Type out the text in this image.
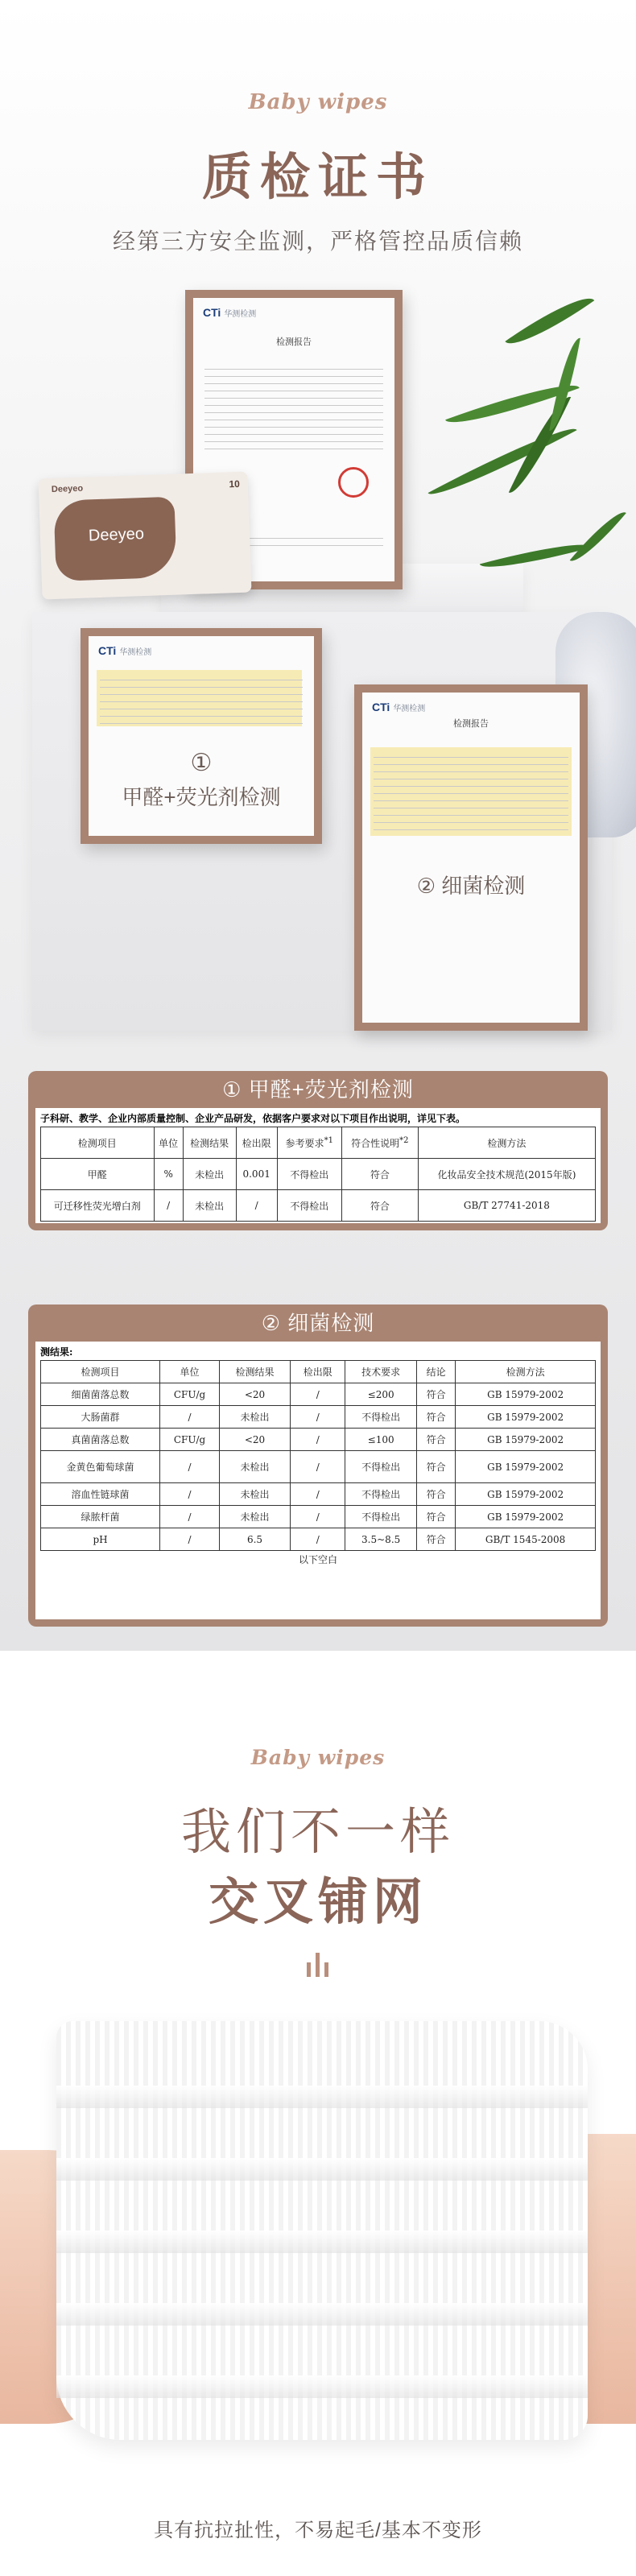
Baby wipes
质检证书
经第三方安全监测，严格管控品质信赖
CTi 华测检测
检测报告
Deeyeo	10
Deeyeo
CTi 华测检测
①
甲醛+荧光剂检测
CTi 华测检测
检测报告
② 细菌检测
① 甲醛+荧光剂检测
子科研、教学、企业内部质量控制、企业产品研发，依据客户要求对以下项目作出说明，详见下表。
检测项目	单位	检测结果	检出限	参考要求$^{*1}$	符合性说明$^{*2}$	检测方法
甲醛	%	未检出	0.001	不得检出	符合	化妆品安全技术规范(2015年版)
可迁移性荧光增白剂	/	未检出	/	不得检出	符合	GB/T 27741-2018
② 细菌检测
测结果:
检测项目	单位	检测结果	检出限	技术要求	结论	检测方法
细菌菌落总数	CFU/g	<20	/	≤200	符合	GB 15979-2002
大肠菌群	/	未检出	/	不得检出	符合	GB 15979-2002
真菌菌落总数	CFU/g	<20	/	≤100	符合	GB 15979-2002
金黄色葡萄球菌	/	未检出	/	不得检出	符合	GB 15979-2002
溶血性链球菌	/	未检出	/	不得检出	符合	GB 15979-2002
绿脓杆菌	/	未检出	/	不得检出	符合	GB 15979-2002
pH	/	6.5	/	3.5~8.5	符合	GB/T 1545-2008
以下空白
Baby wipes
我们不一样
交叉铺网
具有抗拉扯性，不易起毛/基本不变形
